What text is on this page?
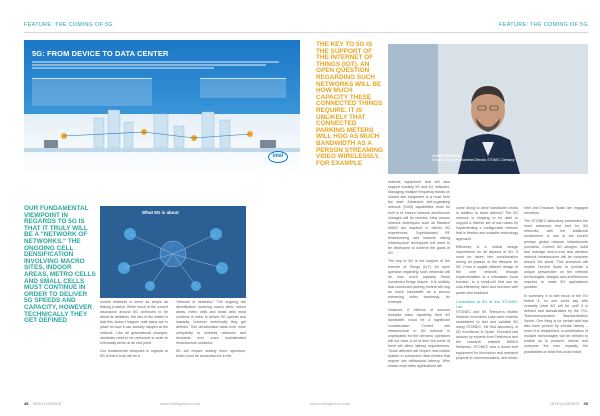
FEATURE: THE COMING OF 5G
5G: FROM DEVICE TO DATA CENTER
intel
OUR FUNDAMENTAL VIEWPOINT IN REGARDS TO 5G IS THAT IT TRULY WILL BE A "NETWORK OF NETWORKS." THE ONGOING CELL DENSIFICATION INVOLVING MACRO SITES, INDOOR AREAS, METRO CELLS AND SMALL CELLS MUST CONTINUE IN ORDER TO DELIVER 5G SPEEDS AND CAPACITY, HOWEVER TECHNICALLY THEY GET DEFINED
What 5G is about

mobile networks is never as simple as flicking a switch. While much of the current discussion around 5G continues to be about its definition, the fact of the matter is that this doesn't happen until plans are in place for how it can actually happen at the network. Like all generational changes, obstacles need to be overcome in order to eventually arrive at an end point.

Our fundamental viewpoint in regards to 5G is that it truly will be a

"network of networks." The ongoing cell densification involving macro sites, indoor areas, metro cells and small cells must continue in order to deliver 5G speeds and capacity, however technically they get defined. This densification adds ever more complexity to wireless networks and demands ever more sophisticated infrastructure solutions.

5G will require adding more spectrum, which must be accounted for in the

38 INTELLIGENCE	www.intelligentcio.com
FEATURE: THE COMING OF 5G
THE KEY TO 5G IS THE SUPPORT OF THE INTERNET OF THINGS (IOT). AN OPEN QUESTION REGARDING SUCH NETWORKS WILL BE HOW MUCH CAPACITY THESE CONNECTED THINGS REQUIRE. IT IS UNLIKELY THAT CONNECTED PARKING METERS WILL HOG AS MUCH BANDWIDTH AS A PERSON STREAMING VIDEO WIRELESSLY, FOR EXAMPLE
JOSEP MIRANDA
Network Equipment Business Director, STONEC Germany

network equipment that will also support existing 3G and 4G networks. Managing multiple frequency bands on shared site equipment is a must from the start. Advanced self-organising network (SON) capabilities must be built in to ensure network architecture changes will be needed. New access network techniques such as Massive MIMO are required to deliver 5G experiences. Sophisticated RF beamforming and network slicing infrastructure techniques will need to be developed to achieve the goals of 5G.

The key to 5G is the support of the Internet of Things (IoT). An open question regarding such networks will be how much capacity these connected things require. It is unlikely that connected parking meters will hog as much bandwidth as a person streaming video wirelessly, for example.

However, if millions of sensors included video capability then 5G bandwidth could be a significant consideration. Current site infrastructure in 5G network is unprepared for the demand; operators will not have a lot of time but some of them will affect latency requirements. Those affected will require new mobile system in connected data centres that require low millisecond latency. Who knows what other applications will

come along to drive bandwidth needs in addition to lower latency? The 5G network is shaping to be able to support a diverse set of use cases by implementing a configurable network that is flexible and scalable technology approach.

Efficiency is a critical design requirement for all aspects of 5G. It must be taken into consideration during all phases of the lifecycle for 5G. From a capital efficient design of the core network, through implementation of a virtualised cloud function, to a small-cell that can be cost-effectively sited and serviced with power and backhaul.

Committed to 5G at the STONEC Lab

STONEC and SK Telecom's Mobile Network Innovation Labs were recently established to test and validate 5G using STONEC, the first laboratory of 5G excellence in Spain. Founded last autumn by experts from Telefonica and the research institute IMDEA Networks, STONEC was a dozen test equipment for innovation and research projects in communications, and which

Intel and Ericsson Spain are engaged members.

The STONEC laboratory constitutes the most advanced test bed for 5G networks, with the additional involvement of one of the world's primary global network infrastructure providers. Current 5G designs, build and manage end-to-end and wireless network infrastructure will be complete around the world. This knowhow will enable Current Spain to provide a unique perspective on the network technologies, designs and architectures required to make 5G applications possible.

In summary, it is with much of the G's before it, no one could say with certainty what 5G will be until it is defined and standardised by the ITU-Telecommunication Standardization Sector. One thing is for certain and has also been proven by cellular history – when it is established, a combination of multiple technologies will be needed to enable us to produce, deliver and consume the new capacity the possibilities of what this could entail.

www.intelligentcio.com	INTELLIGENCE 39
